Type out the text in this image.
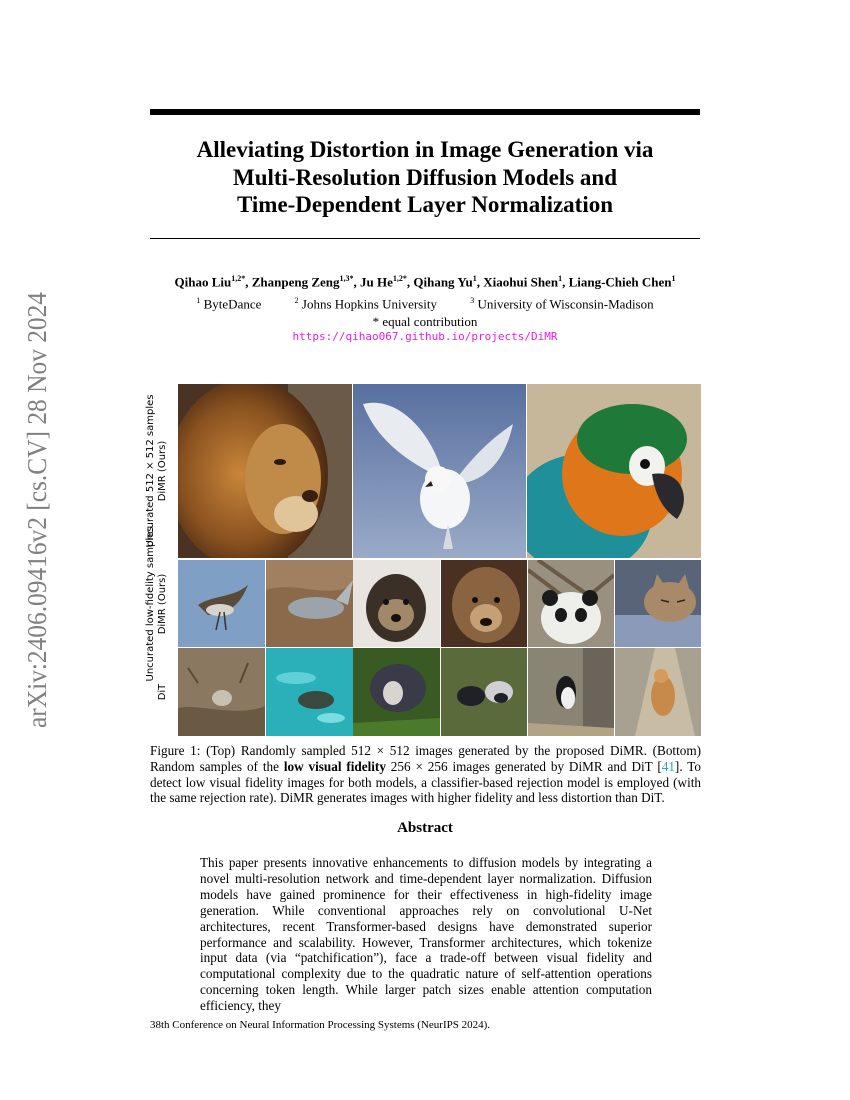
arXiv:2406.09416v2 [cs.CV] 28 Nov 2024
Alleviating Distortion in Image Generation via
Multi-Resolution Diffusion Models and
Time-Dependent Layer Normalization
Qihao Liu$^{1,2*}$, Zhanpeng Zeng$^{1,3*}$, Ju $He^{1,2*}$, Qihang Yu$^1$, Xiaohui Shen$^1$, Liang-Chieh Chen$^1$
$^1$ ByteDance	$^2$ Johns Hopkins University	$^3$ University of Wisconsin-Madison
* equal contribution
https://qihao067.github.io/projects/DiMR
Uncurated 512 × 512 samples DiMR (Ours)
Uncurated low-fidelity samples DiMR (Ours)
DiT
Figure 1: (Top) Randomly sampled 512 × 512 images generated by the proposed DiMR. (Bottom) Random samples of the low visual fidelity 256 × 256 images generated by DiMR and DiT [41]. To detect low visual fidelity images for both models, a classifier-based rejection model is employed (with the same rejection rate). DiMR generates images with higher fidelity and less distortion than DiT.
Abstract
This paper presents innovative enhancements to diffusion models by integrating a novel multi-resolution network and time-dependent layer normalization. Diffusion models have gained prominence for their effectiveness in high-fidelity image generation. While conventional approaches rely on convolutional U-Net architectures, recent Transformer-based designs have demonstrated superior performance and scalability. However, Transformer architectures, which tokenize input data (via “patchification”), face a trade-off between visual fidelity and computational complexity due to the quadratic nature of self-attention operations concerning token length. While larger patch sizes enable attention computation efficiency, they
38th Conference on Neural Information Processing Systems (NeurIPS 2024).
